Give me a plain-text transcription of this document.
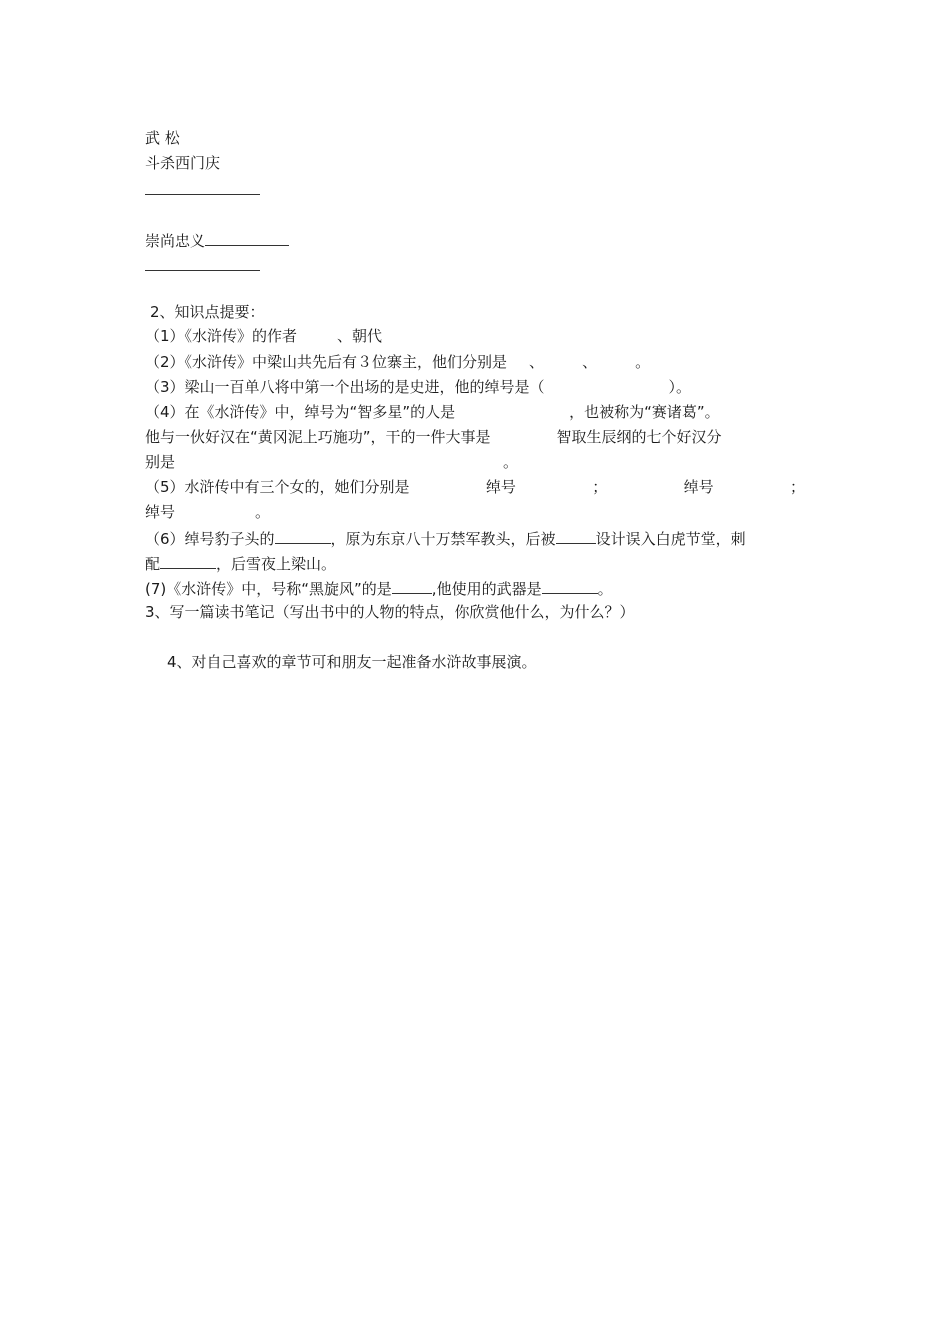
武 松
斗杀西门庆
崇尚忠义
2、知识点提要：
（1）《水浒传》的作者	、朝代
（2）《水浒传》中梁山共先后有３位寨主，他们分别是 、	、	。
（3）梁山一百单八将中第一个出场的是史进，他的绰号是（	）。
（4）在《水浒传》中，绰号为“智多星”的人是	，也被称为“赛诸葛”。
他与一伙好汉在“黄冈泥上巧施功”，干的一件大事是	智取生辰纲的七个好汉分
别是	。
（5）水浒传中有三个女的，她们分别是	绰号	；	绰号	；
绰号	。
（6）绰号豹子头的	，原为东京八十万禁军教头，后被	设计误入白虎节堂，刺
配	，后雪夜上梁山。
(7)《水浒传》中，号称“黑旋风”的是	,他使用的武器是	。
3、写一篇读书笔记（写出书中的人物的特点，你欣赏他什么，为什么？）
4、对自己喜欢的章节可和朋友一起准备水浒故事展演。
